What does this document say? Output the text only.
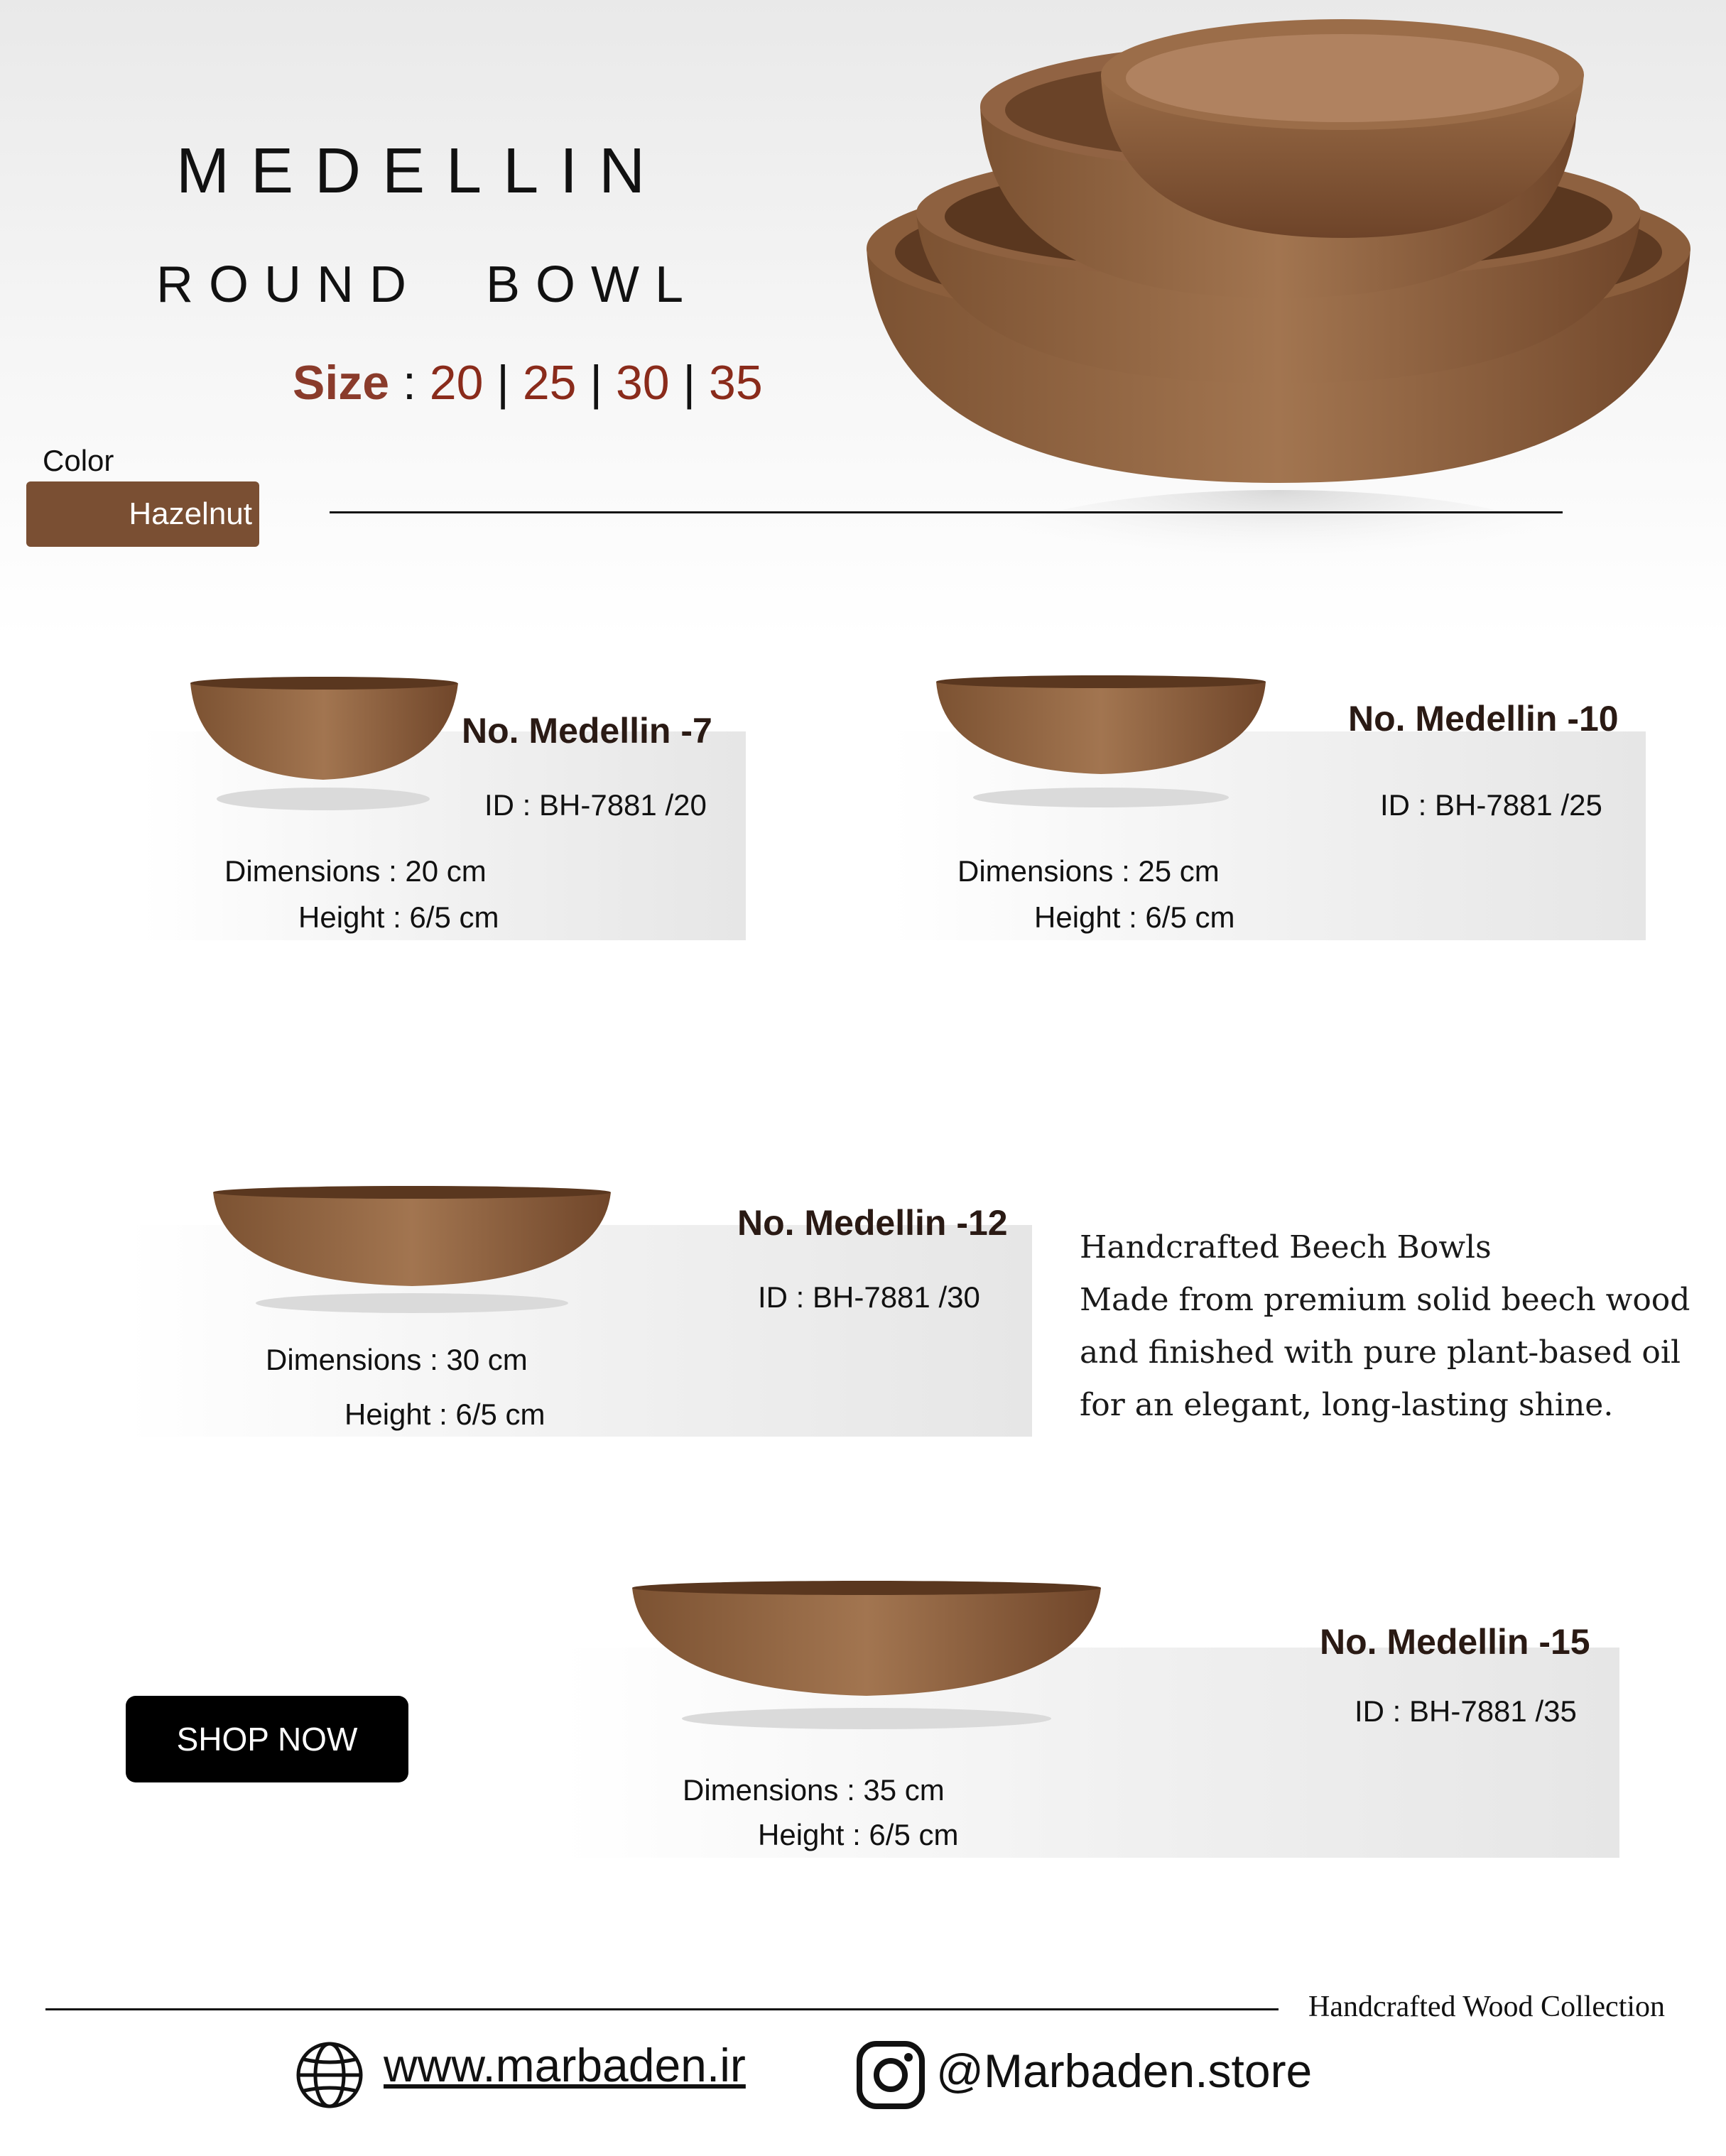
MEDELLIN
ROUND BOWL
Size : 20 | 25 | 30 | 35
Color
Hazelnut
No. Medellin -7
ID : BH-7881 /20
Dimensions : 20 cm
Height : 6/5 cm
No. Medellin -10
ID : BH-7881 /25
Dimensions : 25 cm
Height : 6/5 cm
No. Medellin -12
ID : BH-7881 /30
Dimensions : 30 cm
Height : 6/5 cm
Handcrafted Beech Bowls
Made from premium solid beech wood
and finished with pure plant-based oil
for an elegant, long-lasting shine.
No. Medellin -15
ID : BH-7881 /35
Dimensions : 35 cm
Height : 6/5 cm
SHOP NOW
Handcrafted Wood Collection
www.marbaden.ir	@Marbaden.store
